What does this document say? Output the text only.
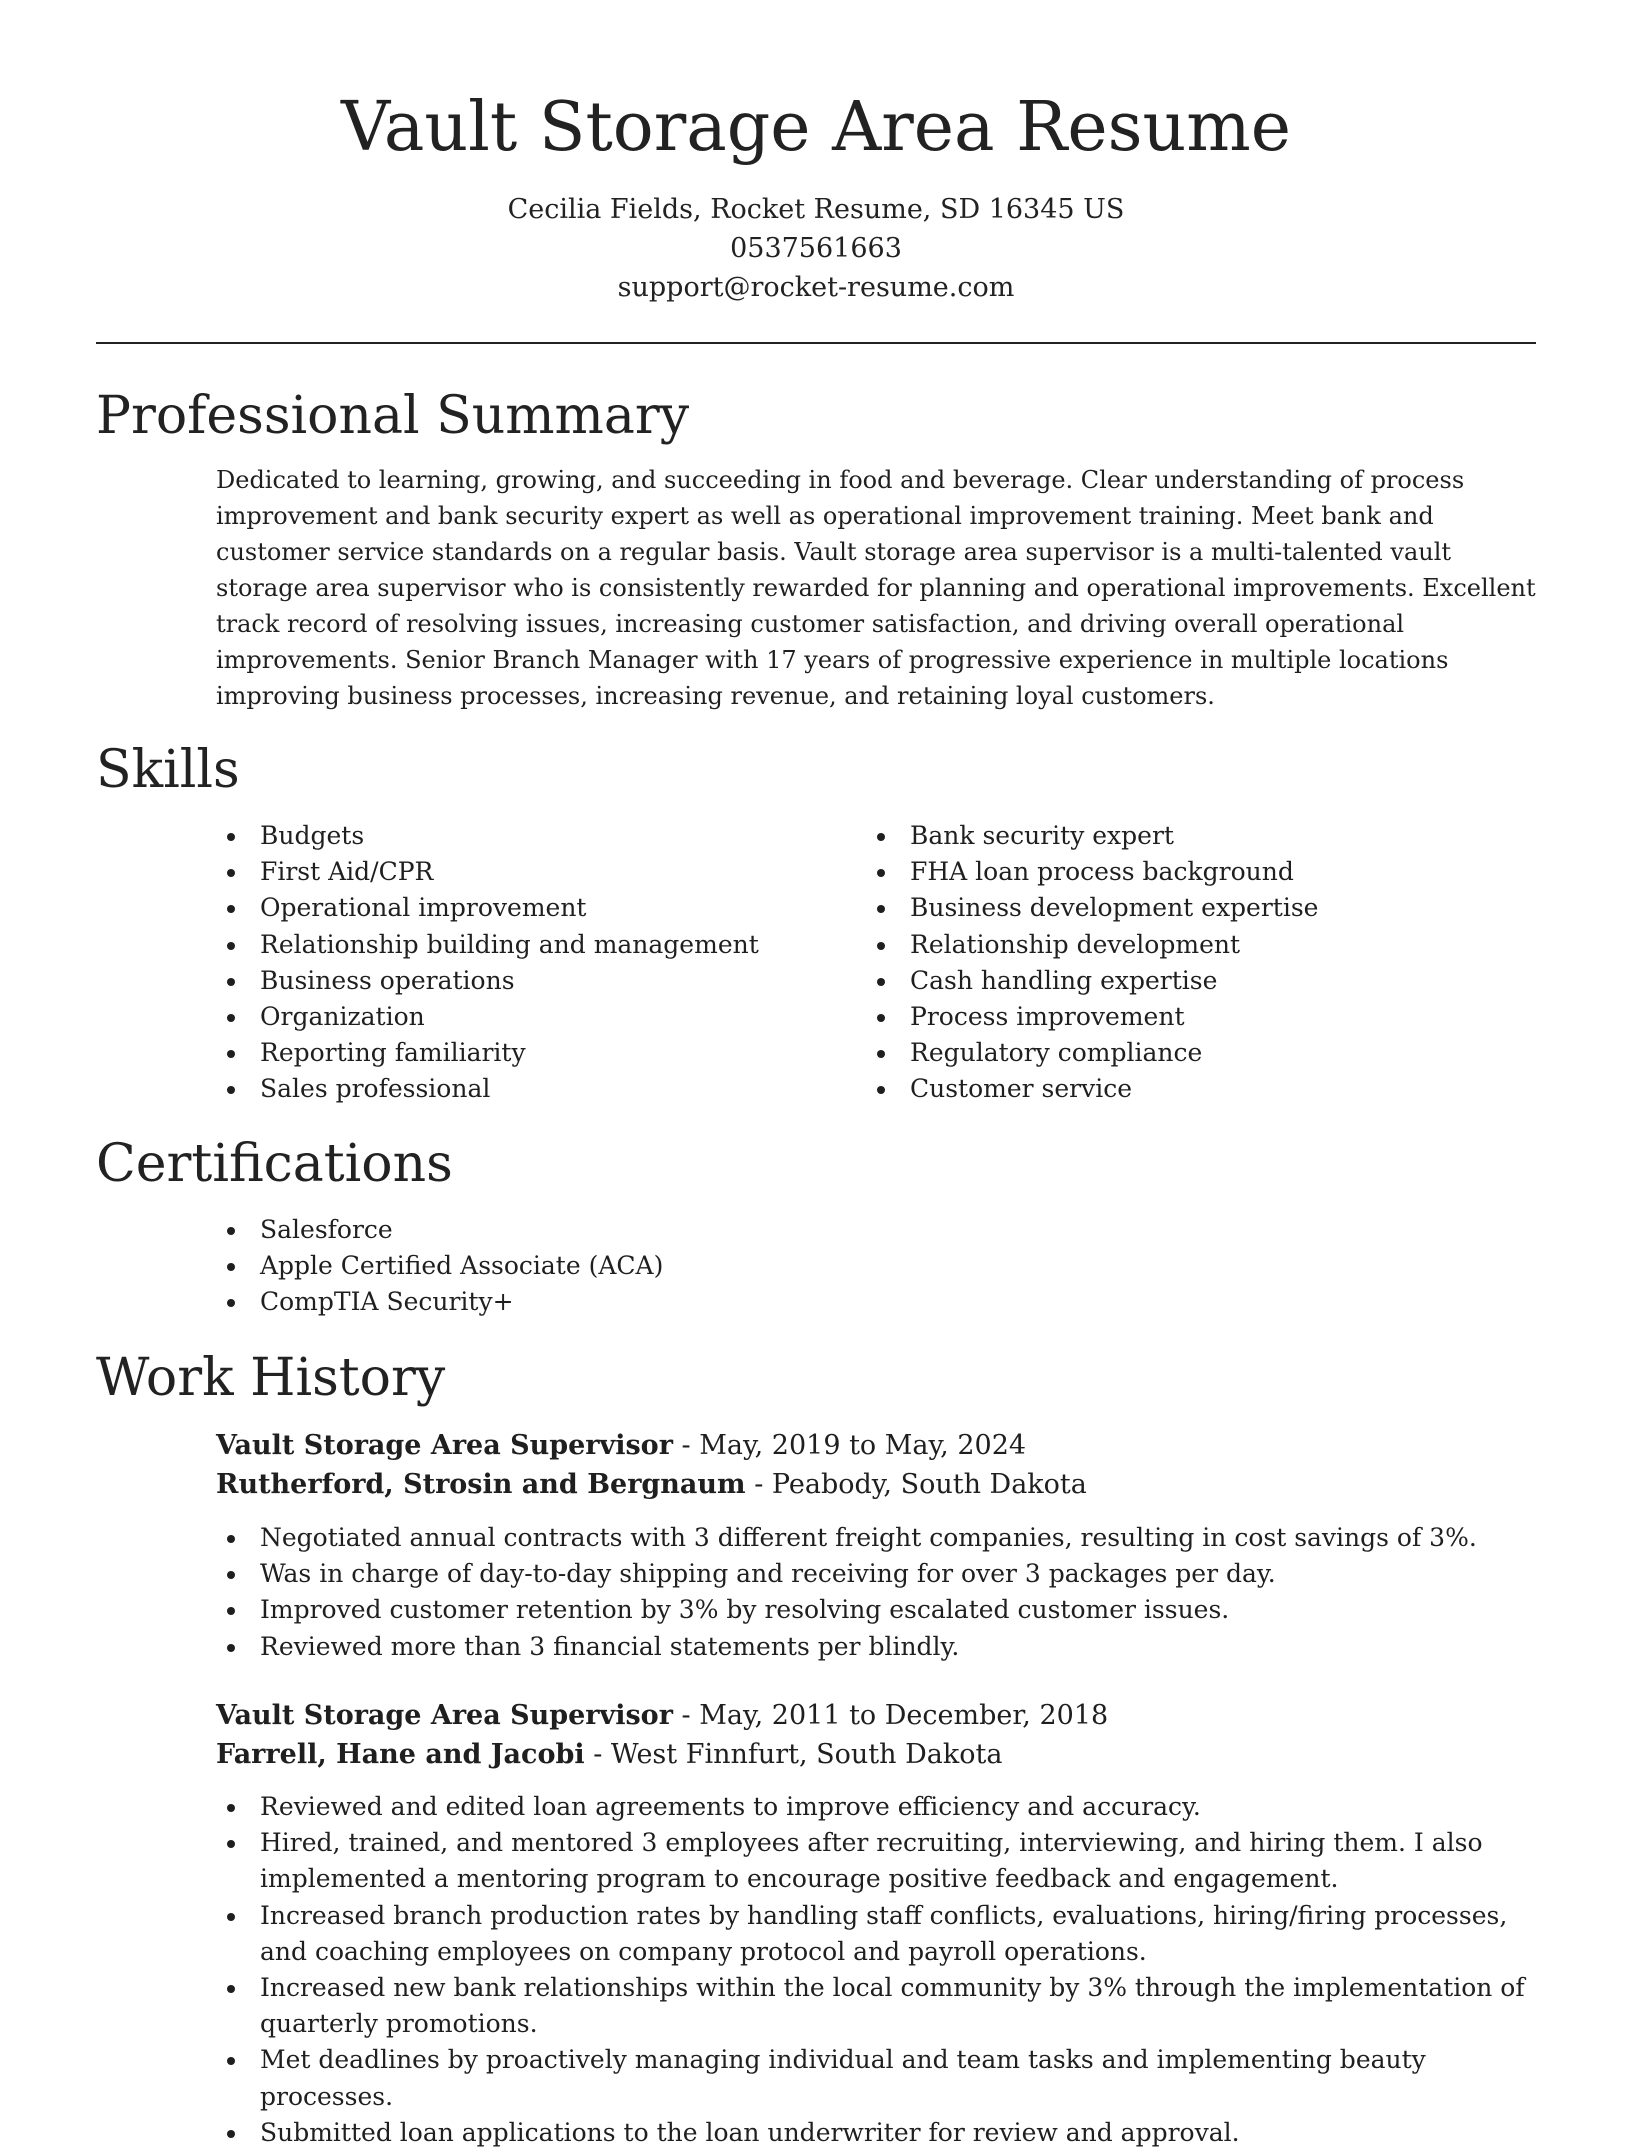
Vault Storage Area Resume
Cecilia Fields, Rocket Resume, SD 16345 US
0537561663
support@rocket-resume.com
Professional Summary

Dedicated to learning, growing, and succeeding in food and beverage. Clear understanding of process improvement and bank security expert as well as operational improvement training. Meet bank and customer service standards on a regular basis. Vault storage area supervisor is a multi-talented vault storage area supervisor who is consistently rewarded for planning and operational improvements. Excellent track record of resolving issues, increasing customer satisfaction, and driving overall operational improvements. Senior Branch Manager with 17 years of progressive experience in multiple locations improving business processes, increasing revenue, and retaining loyal customers.

Skills
Budgets
First Aid/CPR
Operational improvement
Relationship building and management
Business operations
Organization
Reporting familiarity
Sales professional
Bank security expert
FHA loan process background
Business development expertise
Relationship development
Cash handling expertise
Process improvement
Regulatory compliance
Customer service
Certifications
Salesforce
Apple Certified Associate (ACA)
CompTIA Security+
Work History
Vault Storage Area Supervisor - May, 2019 to May, 2024
Rutherford, Strosin and Bergnaum - Peabody, South Dakota
Negotiated annual contracts with 3 different freight companies, resulting in cost savings of 3%.
Was in charge of day-to-day shipping and receiving for over 3 packages per day.
Improved customer retention by 3% by resolving escalated customer issues.
Reviewed more than 3 financial statements per blindly.
Vault Storage Area Supervisor - May, 2011 to December, 2018
Farrell, Hane and Jacobi - West Finnfurt, South Dakota
Reviewed and edited loan agreements to improve efficiency and accuracy.
Hired, trained, and mentored 3 employees after recruiting, interviewing, and hiring them. I also implemented a mentoring program to encourage positive feedback and engagement.
Increased branch production rates by handling staff conflicts, evaluations, hiring/firing processes, and coaching employees on company protocol and payroll operations.
Increased new bank relationships within the local community by 3% through the implementation of quarterly promotions.
Met deadlines by proactively managing individual and team tasks and implementing beauty processes.
Submitted loan applications to the loan underwriter for review and approval.
